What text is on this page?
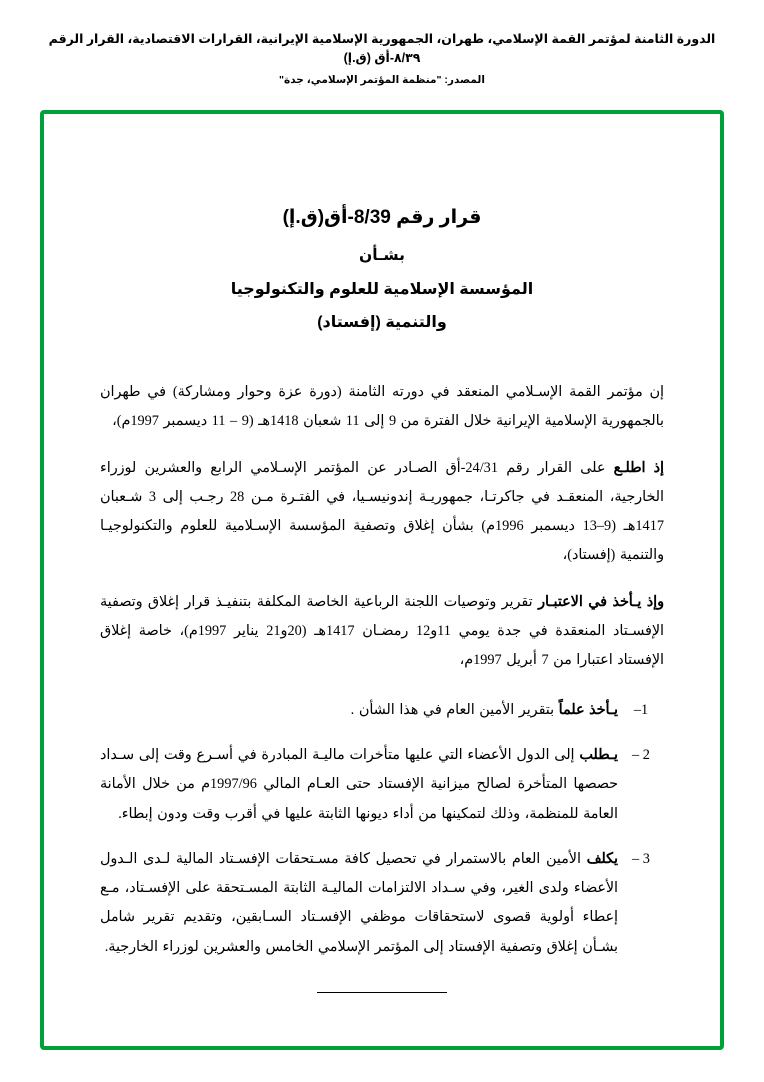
الدورة الثامنة لمؤتمر القمة الإسلامي، طهران، الجمهورية الإسلامية الإيرانية، القرارات الاقتصادية، القرار الرقم ٨/٣٩-أق (ق.إ)
المصدر: "منظمة المؤتمر الإسلامي، جدة"
قرار رقم 8/39-أق(ق.إ)
بشـأن
المؤسسة الإسلامية للعلوم والتكنولوجيا
والتنمية (إفستاد)

إن مؤتمر القمة الإسـلامي المنعقد في دورته الثامنة (دورة عزة وحوار ومشاركة) في طهران بالجمهورية الإسلامية الإيرانية خلال الفترة من 9 إلى 11 شعبان 1418هـ (9 – 11 ديسمبر 1997م)،

إذ اطلـع على القرار رقم 24/31-أق الصـادر عن المؤتمر الإسـلامي الرابع والعشرين لوزراء الخارجية، المنعقـد في جاكرتـا، جمهوريـة إندونيسـيا، في الفتـرة مـن 28 رجـب إلى 3 شـعبان 1417هـ (9–13 ديسمبر 1996م) بشأن إغلاق وتصفية المؤسسة الإسـلامية للعلوم والتكنولوجيـا والتنمية (إفستاد)،

وإذ يـأخذ في الاعتبـار تقرير وتوصيات اللجنة الرباعية الخاصة المكلفة بتنفيـذ قرار إغلاق وتصفية الإفسـتاد المنعقدة في جدة يومي 11و12 رمضـان 1417هـ (20و21 يناير 1997م)، خاصة إغلاق الإفستاد اعتبارا من 7 أبريل 1997م،

1–
يـأخذ علماً بتقرير الأمين العام في هذا الشأن .
2 –
يـطلب إلى الدول الأعضاء التي عليها متأخرات ماليـة المبادرة في أسـرع وقت إلى سـداد حصصها المتأخرة لصالح ميزانية الإفستاد حتى العـام المالي 1997/96م من خلال الأمانة العامة للمنظمة، وذلك لتمكينها من أداء ديونها الثابتة عليها في أقرب وقت ودون إبطاء.
3 –
يكلف الأمين العام بالاستمرار في تحصيل كافة مسـتحقات الإفسـتاد المالية لـدى الـدول الأعضاء ولدى الغير، وفي سـداد الالتزامات الماليـة الثابتة المسـتحقة على الإفسـتاد، مـع إعطاء أولوية قصوى لاستحقاقات موظفي الإفسـتاد السـابقين، وتقديم تقرير شامل بشـأن إغلاق وتصفية الإفستاد إلى المؤتمر الإسلامي الخامس والعشرين لوزراء الخارجية.
